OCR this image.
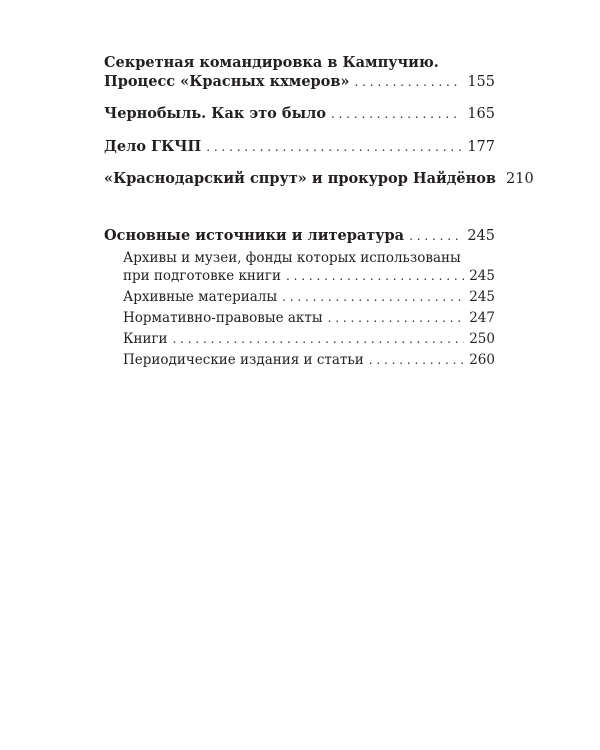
Секретная командировка в Кампучию.
Процесс «Красных кхмеров» . . .	155
Чернобыль. Как это было . . .	165
Дело ГКЧП . . .	177
«Краснодарский спрут» и прокурор Найдёнов 210
Основные источники и литература . . .	245
Архивы и музеи, фонды которых использованы
при подготовке книги . . .	245
Архивные материалы . . .	245
Нормативно-правовые акты . . .	247
Книги . . .	250
Периодические издания и статьи . . .	260
